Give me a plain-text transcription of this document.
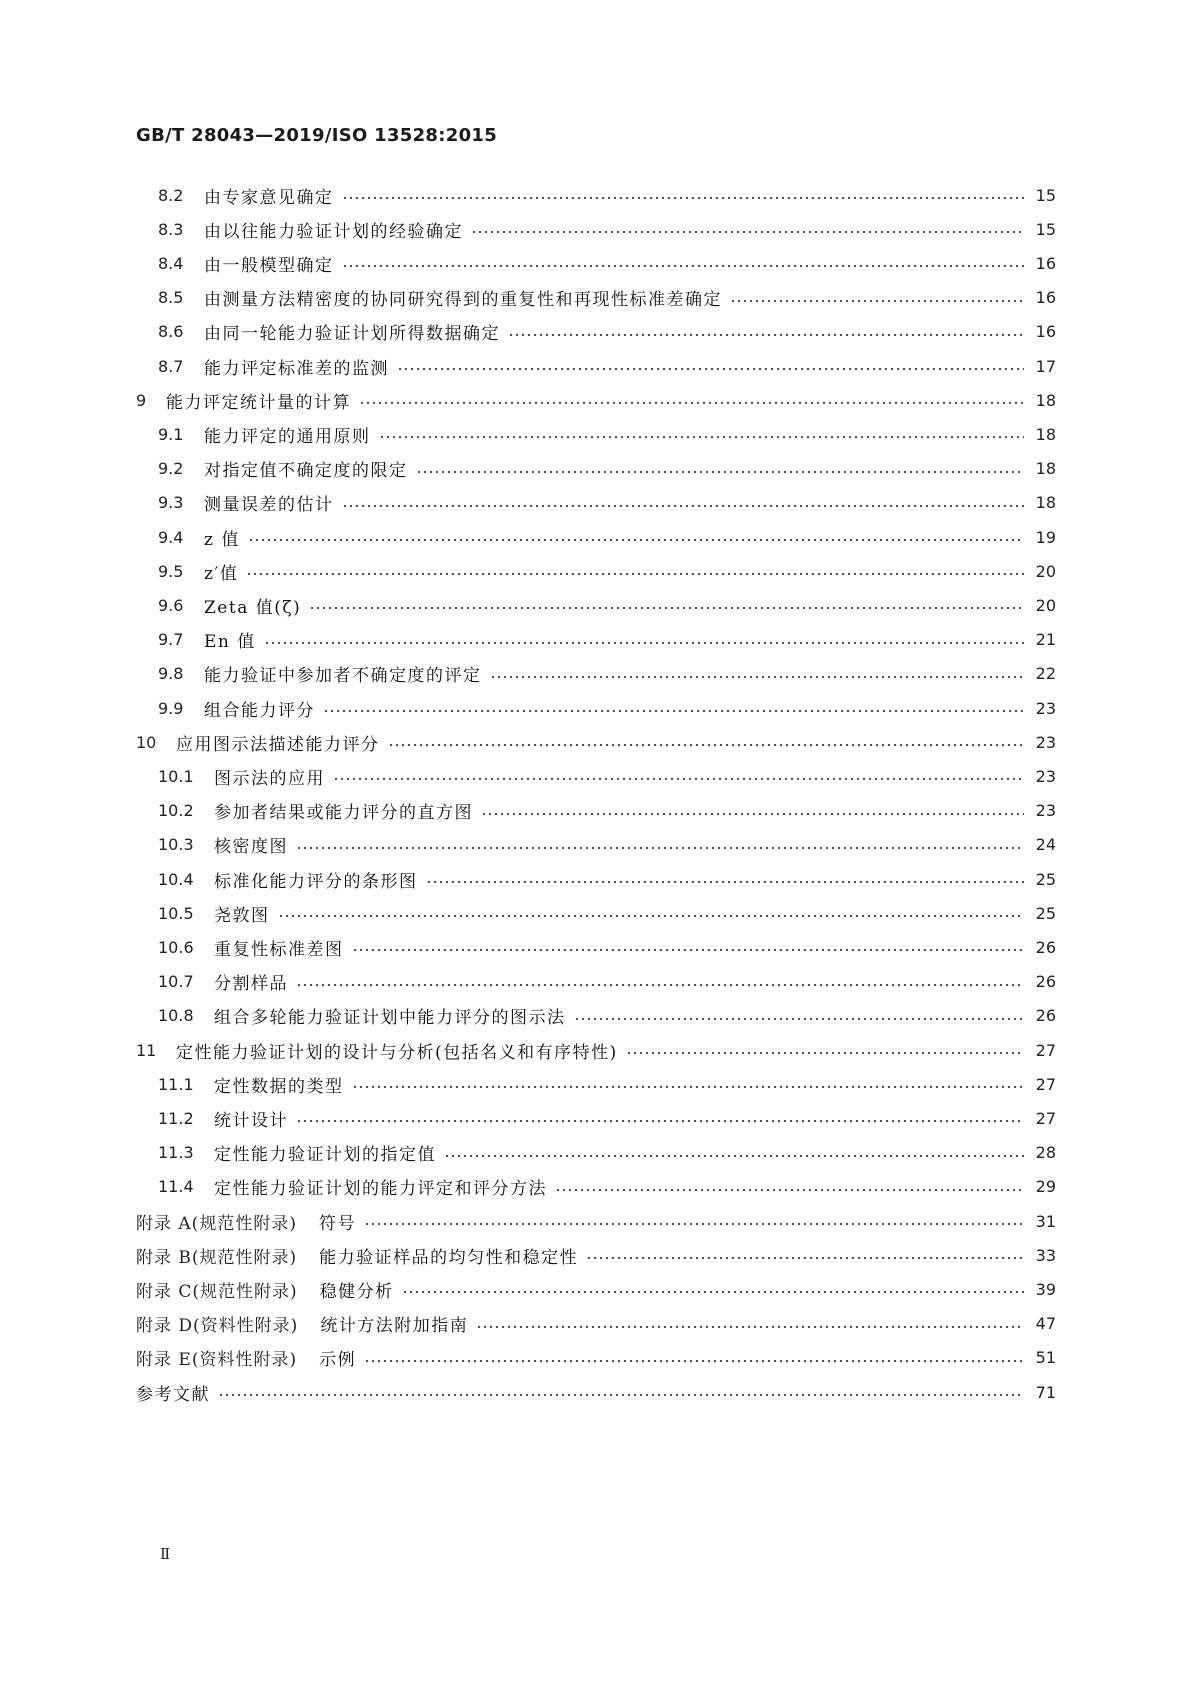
GB/T 28043—2019/ISO 13528:2015
8.2	由专家意见确定	15
8.3	由以往能力验证计划的经验确定	15
8.4	由一般模型确定	16
8.5	由测量方法精密度的协同研究得到的重复性和再现性标准差确定	16
8.6	由同一轮能力验证计划所得数据确定	16
8.7	能力评定标准差的监测	17
9	能力评定统计量的计算	18
9.1	能力评定的通用原则	18
9.2	对指定值不确定度的限定	18
9.3	测量误差的估计	18
9.4	z 值	19
9.5	z′值	20
9.6	Zeta 值(ζ)	20
9.7	En 值	21
9.8	能力验证中参加者不确定度的评定	22
9.9	组合能力评分	23
10	应用图示法描述能力评分	23
10.1	图示法的应用	23
10.2	参加者结果或能力评分的直方图	23
10.3	核密度图	24
10.4	标准化能力评分的条形图	25
10.5	尧敦图	25
10.6	重复性标准差图	26
10.7	分割样品	26
10.8	组合多轮能力验证计划中能力评分的图示法	26
11	定性能力验证计划的设计与分析(包括名义和有序特性)	27
11.1	定性数据的类型	27
11.2	统计设计	27
11.3	定性能力验证计划的指定值	28
11.4	定性能力验证计划的能力评定和评分方法	29
附录 A(规范性附录) 符号	31
附录 B(规范性附录) 能力验证样品的均匀性和稳定性	33
附录 C(规范性附录) 稳健分析	39
附录 D(资料性附录) 统计方法附加指南	47
附录 E(资料性附录) 示例	51
参考文献	71
Ⅱ
